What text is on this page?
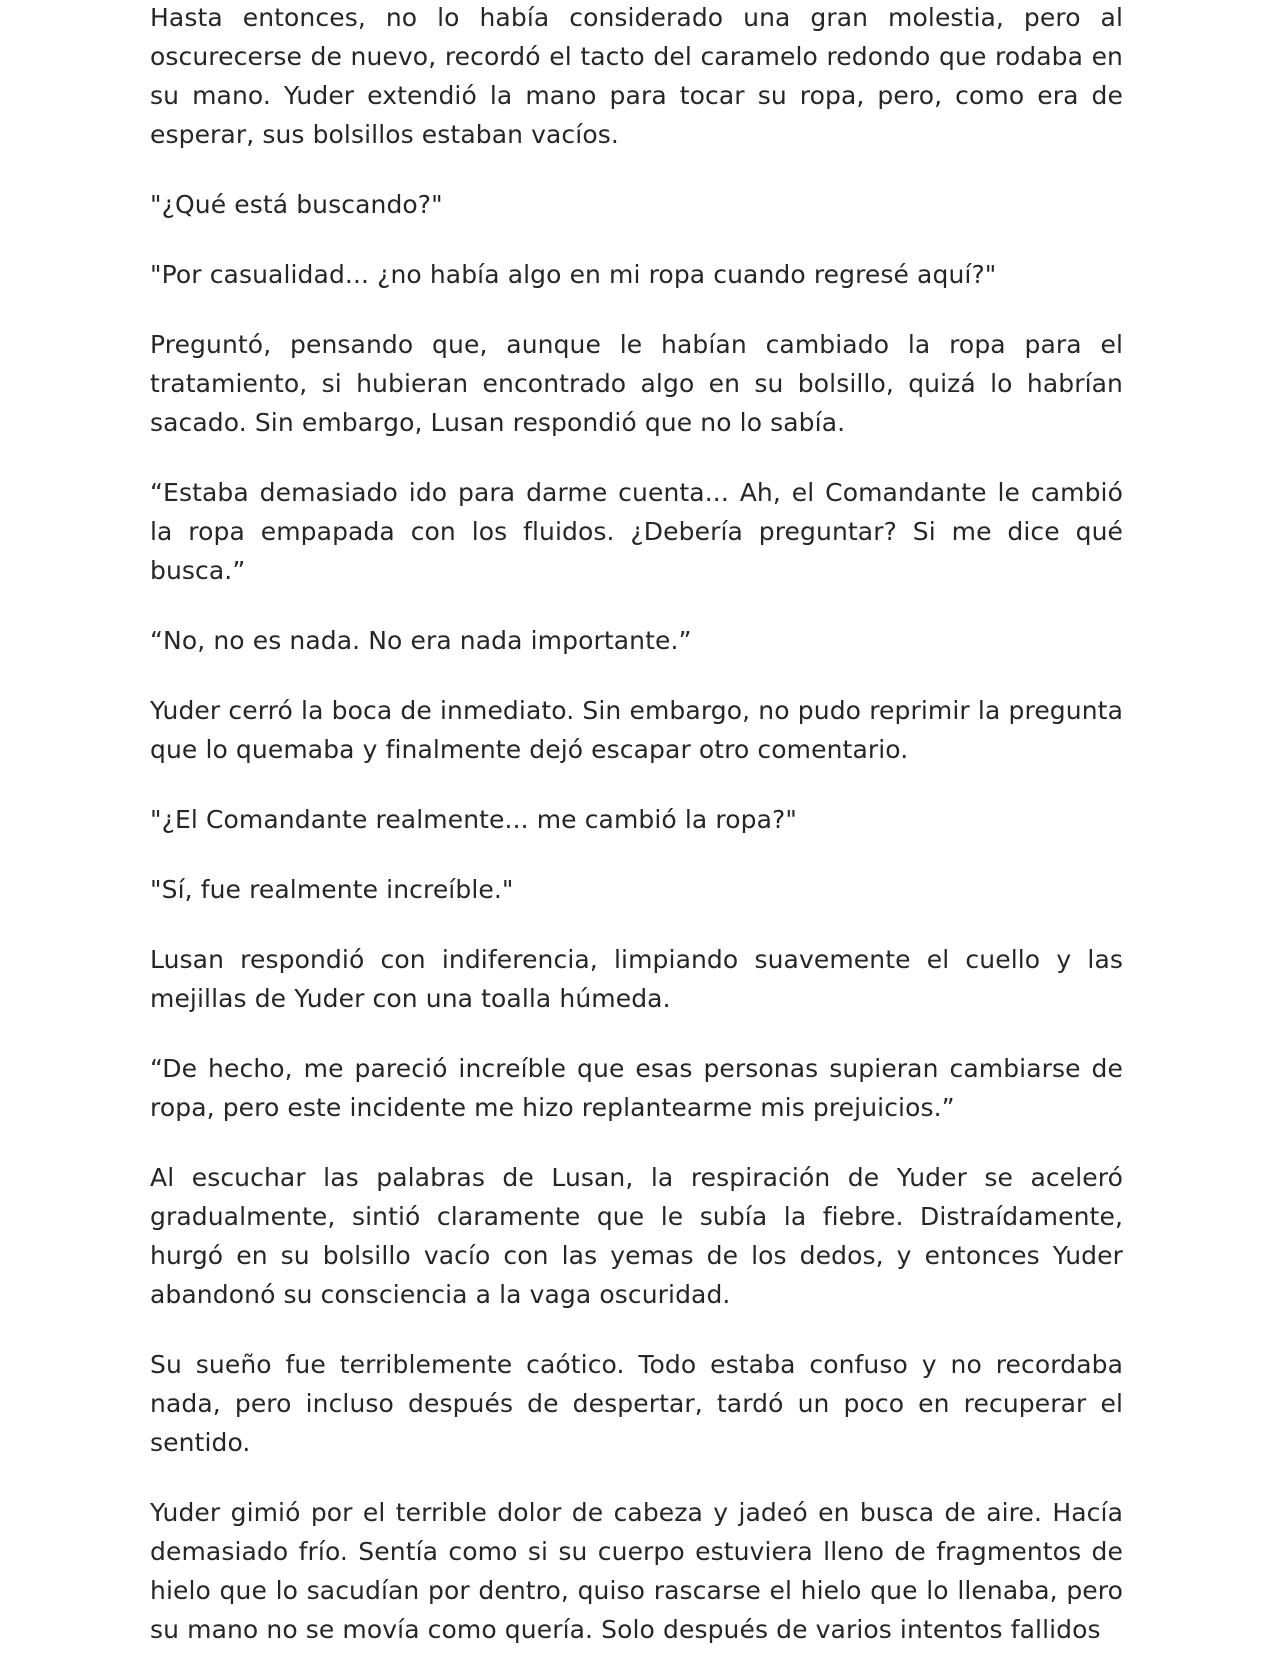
Hasta entonces, no lo había considerado una gran molestia, pero al oscurecerse de nuevo, recordó el tacto del caramelo redondo que rodaba en su mano. Yuder extendió la mano para tocar su ropa, pero, como era de esperar, sus bolsillos estaban vacíos.

"¿Qué está buscando?"

"Por casualidad... ¿no había algo en mi ropa cuando regresé aquí?"

Preguntó, pensando que, aunque le habían cambiado la ropa para el tratamiento, si hubieran encontrado algo en su bolsillo, quizá lo habrían sacado. Sin embargo, Lusan respondió que no lo sabía.

“Estaba demasiado ido para darme cuenta... Ah, el Comandante le cambió la ropa empapada con los fluidos. ¿Debería preguntar? Si me dice qué busca.”

“No, no es nada. No era nada importante.”

Yuder cerró la boca de inmediato. Sin embargo, no pudo reprimir la pregunta que lo quemaba y finalmente dejó escapar otro comentario.

"¿El Comandante realmente... me cambió la ropa?"

"Sí, fue realmente increíble."

Lusan respondió con indiferencia, limpiando suavemente el cuello y las mejillas de Yuder con una toalla húmeda.

“De hecho, me pareció increíble que esas personas supieran cambiarse de ropa, pero este incidente me hizo replantearme mis prejuicios.”

Al escuchar las palabras de Lusan, la respiración de Yuder se aceleró gradualmente, sintió claramente que le subía la fiebre. Distraídamente, hurgó en su bolsillo vacío con las yemas de los dedos, y entonces Yuder abandonó su consciencia a la vaga oscuridad.

Su sueño fue terriblemente caótico. Todo estaba confuso y no recordaba nada, pero incluso después de despertar, tardó un poco en recuperar el sentido.

Yuder gimió por el terrible dolor de cabeza y jadeó en busca de aire. Hacía demasiado frío. Sentía como si su cuerpo estuviera lleno de fragmentos de hielo que lo sacudían por dentro, quiso rascarse el hielo que lo llenaba, pero su mano no se movía como quería. Solo después de varios intentos fallidos
